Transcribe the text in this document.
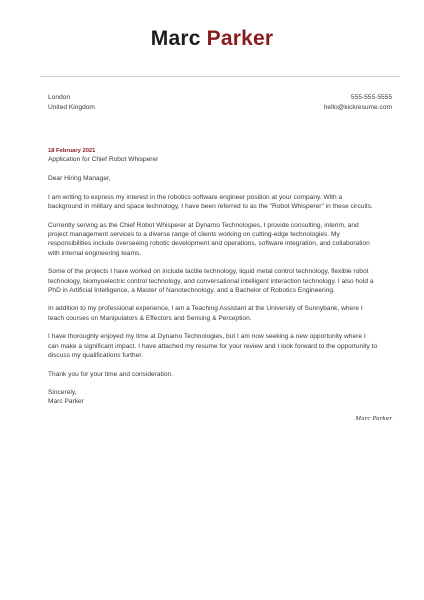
Marc Parker
London
United Kingdom
555-555-5555
hello@kickresume.com
18 February 2021
Application for Chief Robot Whisperer
Dear Hiring Manager,
I am writing to express my interest in the robotics software engineer position at your company. With a background in military and space technology, I have been referred to as the "Robot Whisperer" in these circuits.
Currently serving as the Chief Robot Whisperer at Dynamo Technologies, I provide consulting, interim, and project management services to a diverse range of clients working on cutting-edge technologies. My responsibilities include overseeing robotic development and operations, software integration, and collaboration with internal engineering teams.
Some of the projects I have worked on include tactile technology, liquid metal control technology, flexible robot technology, biomyoelectric control technology, and conversational intelligent interaction technology. I also hold a PhD in Artificial Intelligence, a Master of Nanotechnology, and a Bachelor of Robotics Engineering.
In addition to my professional experience, I am a Teaching Assistant at the University of Sunnybank, where I teach courses on Manipulators & Effectors and Sensing & Perception.
I have thoroughly enjoyed my time at Dynamo Technologies, but I am now seeking a new opportunity where I can make a significant impact. I have attached my resume for your review and I look forward to the opportunity to discuss my qualifications further.
Thank you for your time and consideration.
Sincerely,
Marc Parker
Marc Parker
